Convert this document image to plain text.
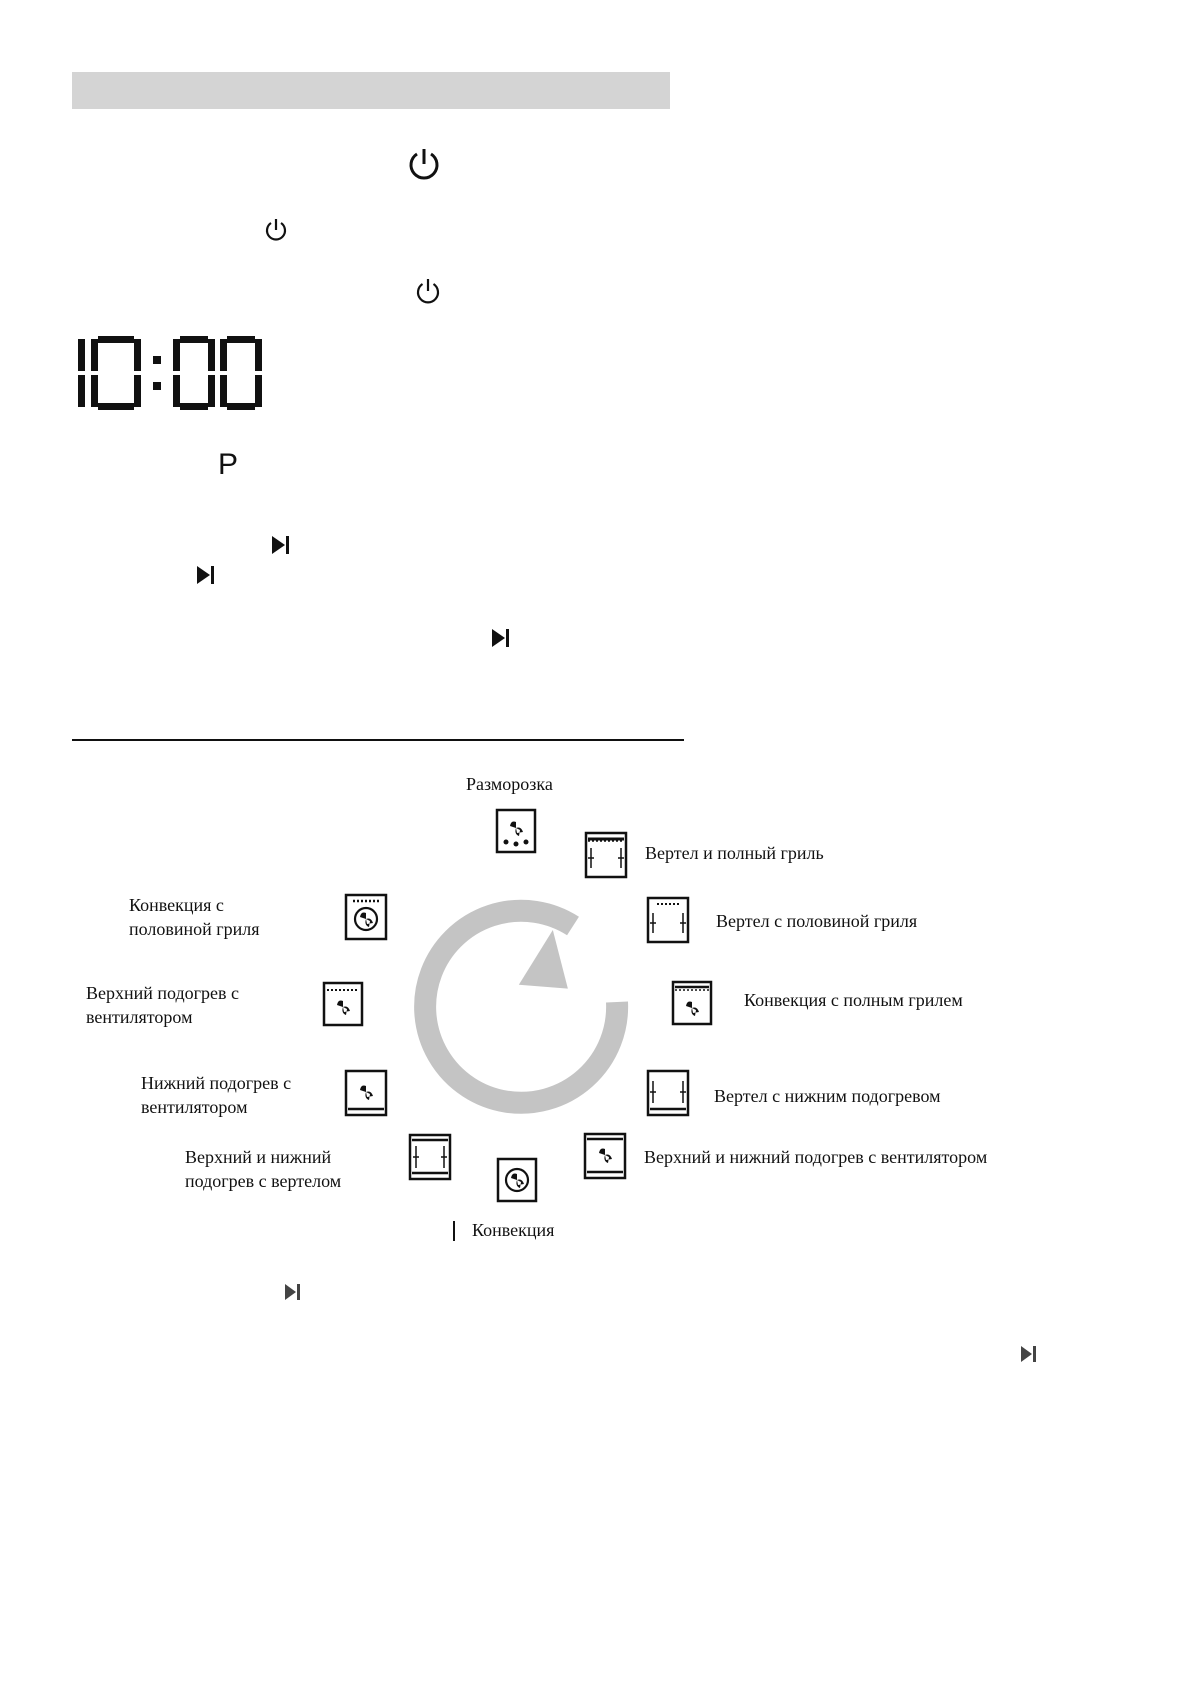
10:00
P
Разморозка
Вертел и полный гриль
Вертел с половиной гриля
Конвекция с полным грилем
Вертел с нижним подогревом
Верхний и нижний подогрев с вентилятором
Конвекция
Верхний и нижний
подогрев с вертелом
Нижний подогрев с
вентилятором
Верхний подогрев с
вентилятором
Конвекция с
половиной гриля
